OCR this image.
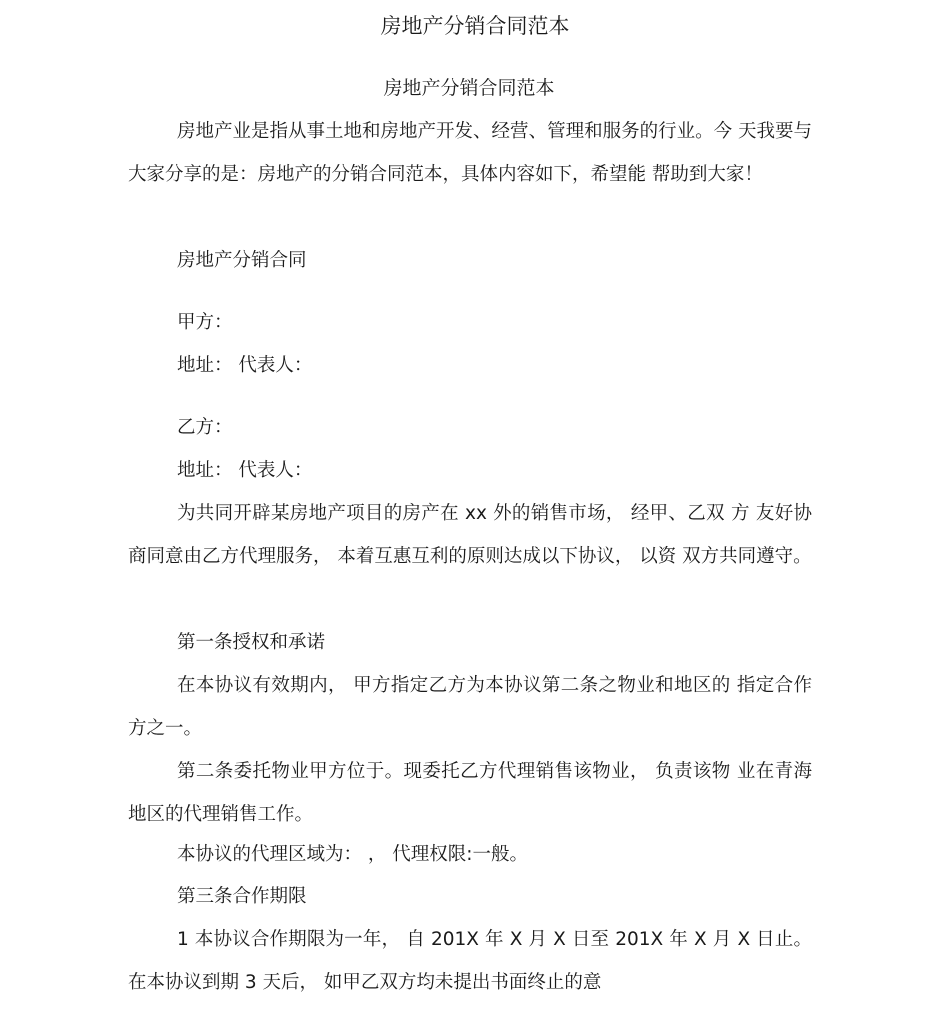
房地产分销合同范本
房地产分销合同范本

房地产业是指从事土地和房地产开发、经营、管理和服务的行业。今 天我要与大家分享的是：房地产的分销合同范本，具体内容如下，希望能 帮助到大家！

房地产分销合同

甲方：

地址： 代表人：

乙方：

地址： 代表人：

为共同开辟某房地产项目的房产在 xx 外的销售市场， 经甲、乙双 方 友好协商同意由乙方代理服务， 本着互惠互利的原则达成以下协议， 以资 双方共同遵守。

第一条授权和承诺

在本协议有效期内， 甲方指定乙方为本协议第二条之物业和地区的 指定合作方之一。

第二条委托物业甲方位于。现委托乙方代理销售该物业， 负责该物 业在青海地区的代理销售工作。

本协议的代理区域为： ， 代理权限:一般。

第三条合作期限

1 本协议合作期限为一年， 自 201X 年 X 月 X 日至 201X 年 X 月 X 日止。在本协议到期 3 天后， 如甲乙双方均未提出书面终止的意
